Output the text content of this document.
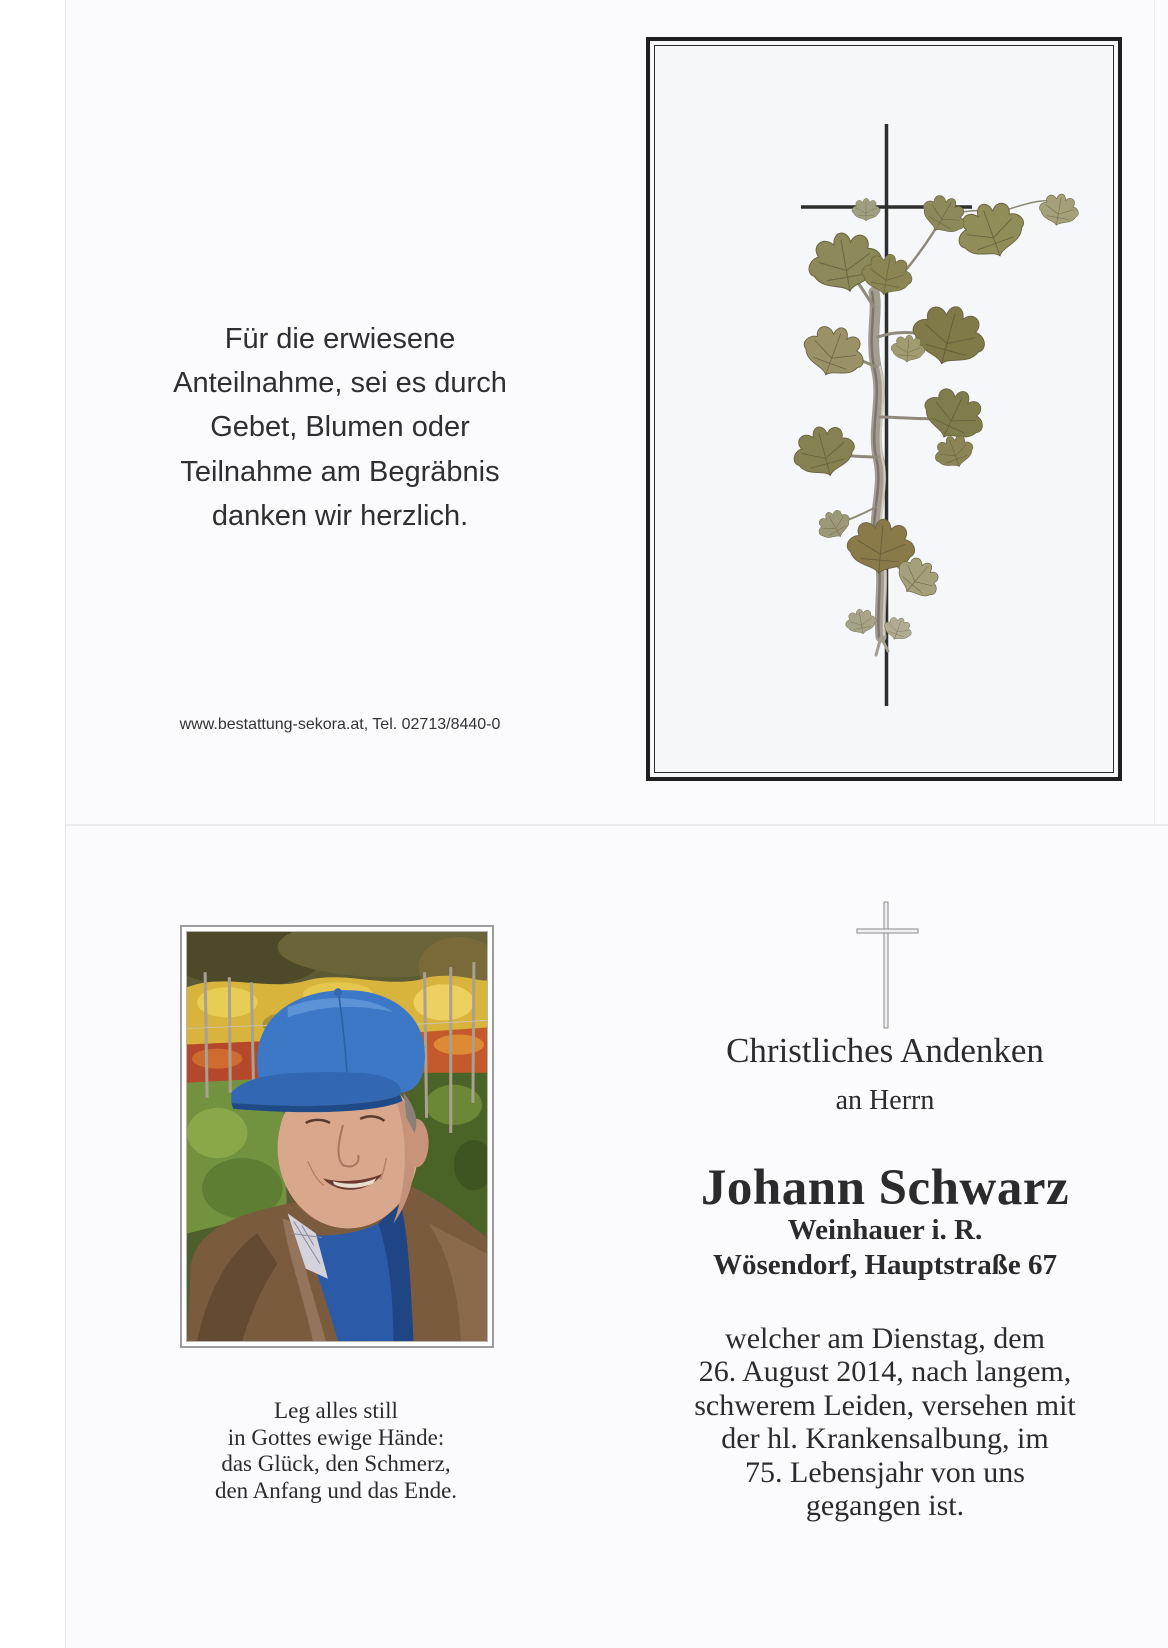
Für die erwiesene
Anteilnahme, sei es durch
Gebet, Blumen oder
Teilnahme am Begräbnis
danken wir herzlich.
www.bestattung-sekora.at, Tel. 02713/8440-0
Leg alles still
in Gottes ewige Hände:
das Glück, den Schmerz,
den Anfang und das Ende.
Christliches Andenken
an Herrn
Johann Schwarz
Weinhauer i. R.
Wösendorf, Hauptstraße 67
welcher am Dienstag, dem
26. August 2014, nach langem,
schwerem Leiden, versehen mit
der hl. Krankensalbung, im
75. Lebensjahr von uns
gegangen ist.
